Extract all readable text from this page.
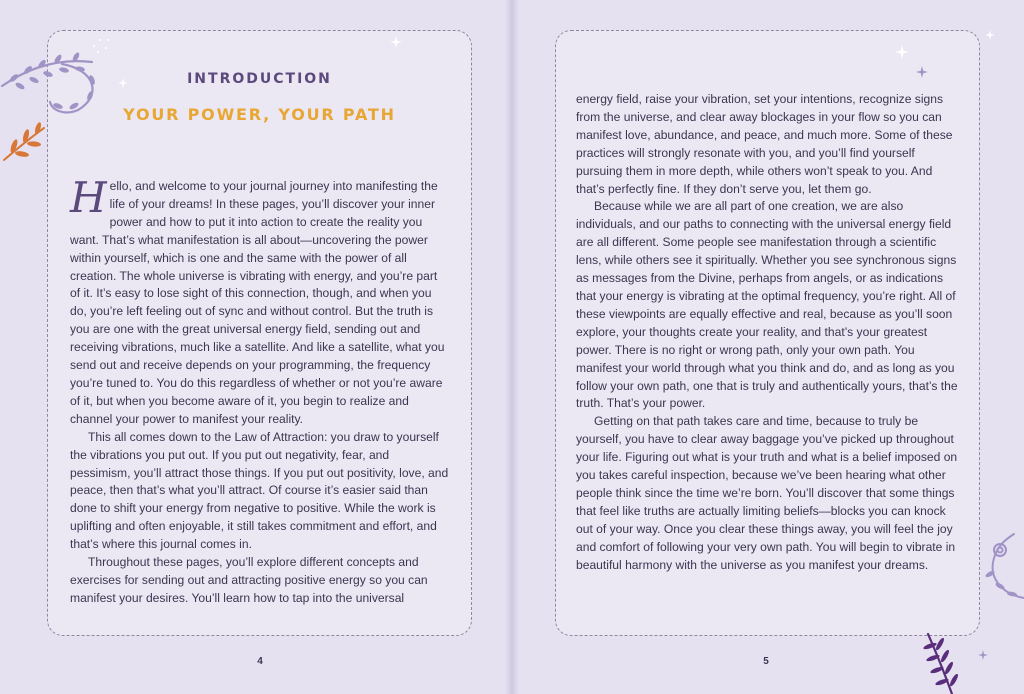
INTRODUCTION
YOUR POWER, YOUR PATH

Hello, and welcome to your journal journey into manifesting the life of your dreams! In these pages, you’ll discover your inner power and how to put it into action to create the reality you want. That’s what manifestation is all about—uncovering the power within yourself, which is one and the same with the power of all creation. The whole universe is vibrating with energy, and you’re part of it. It’s easy to lose sight of this connection, though, and when you do, you’re left feeling out of sync and without control. But the truth is you are one with the great universal energy field, sending out and receiving vibrations, much like a satellite. And like a satellite, what you send out and receive depends on your programming, the frequency you’re tuned to. You do this regardless of whether or not you’re aware of it, but when you become aware of it, you begin to realize and channel your power to manifest your reality.

This all comes down to the Law of Attraction: you draw to yourself the vibrations you put out. If you put out negativity, fear, and pessimism, you’ll attract those things. If you put out positivity, love, and peace, then that’s what you’ll attract. Of course it’s easier said than done to shift your energy from negative to positive. While the work is uplifting and often enjoyable, it still takes commitment and effort, and that’s where this journal comes in.

Throughout these pages, you’ll explore different concepts and exercises for sending out and attracting positive energy so you can manifest your desires. You’ll learn how to tap into the universal

energy field, raise your vibration, set your intentions, recognize signs from the universe, and clear away blockages in your flow so you can manifest love, abundance, and peace, and much more. Some of these practices will strongly resonate with you, and you’ll find yourself pursuing them in more depth, while others won’t speak to you. And that’s perfectly fine. If they don’t serve you, let them go.

Because while we are all part of one creation, we are also individuals, and our paths to connecting with the universal energy field are all different. Some people see manifestation through a scientific lens, while others see it spiritually. Whether you see synchronous signs as messages from the Divine, perhaps from angels, or as indications that your energy is vibrating at the optimal frequency, you’re right. All of these viewpoints are equally effective and real, because as you’ll soon explore, your thoughts create your reality, and that’s your greatest power. There is no right or wrong path, only your own path. You manifest your world through what you think and do, and as long as you follow your own path, one that is truly and authentically yours, that’s the truth. That’s your power.

Getting on that path takes care and time, because to truly be yourself, you have to clear away baggage you’ve picked up throughout your life. Figuring out what is your truth and what is a belief imposed on you takes careful inspection, because we’ve been hearing what other people think since the time we’re born. You’ll discover that some things that feel like truths are actually limiting beliefs—blocks you can knock out of your way. Once you clear these things away, you will feel the joy and comfort of following your very own path. You will begin to vibrate in beautiful harmony with the universe as you manifest your dreams.

4	5
